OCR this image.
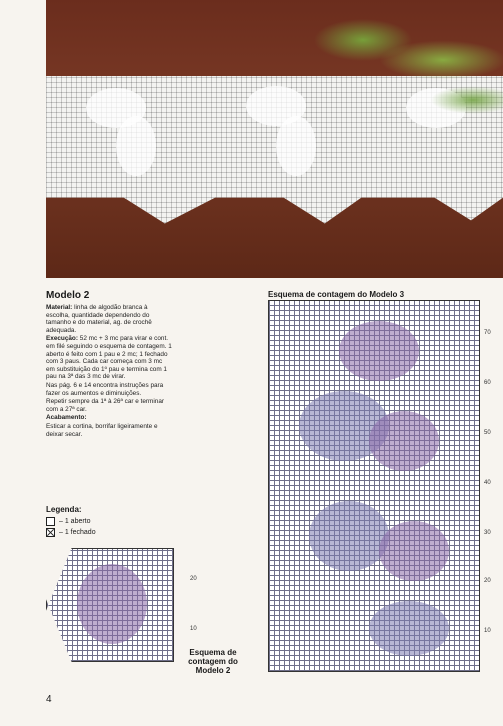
Modelo 2

Material: linha de algodão branca à escolha, quantidade dependendo do tamanho e do material, ag. de crochê adequada.

Execução: 52 mc + 3 mc para virar e cont. em filé seguindo o esquema de contagem. 1 aberto é feito com 1 pau e 2 mc; 1 fechado com 3 paus. Cada car começa com 3 mc em substituição do 1º pau e termina com 1 pau na 3ª das 3 mc de virar.

Nas pág. 6 e 14 encontra instruções para fazer os aumentos e diminuições.

Repetir sempre da 1ª à 26ª car e terminar com a 27ª car.

Acabamento:

Esticar a cortina, borrifar ligeiramente e deixar secar.

Legenda:
– 1 aberto
– 1 fechado
Esquema de contagem do Modelo 3
70
60
50
40
30
20
10
20
10
Esquema de
contagem do
Modelo 2
4
